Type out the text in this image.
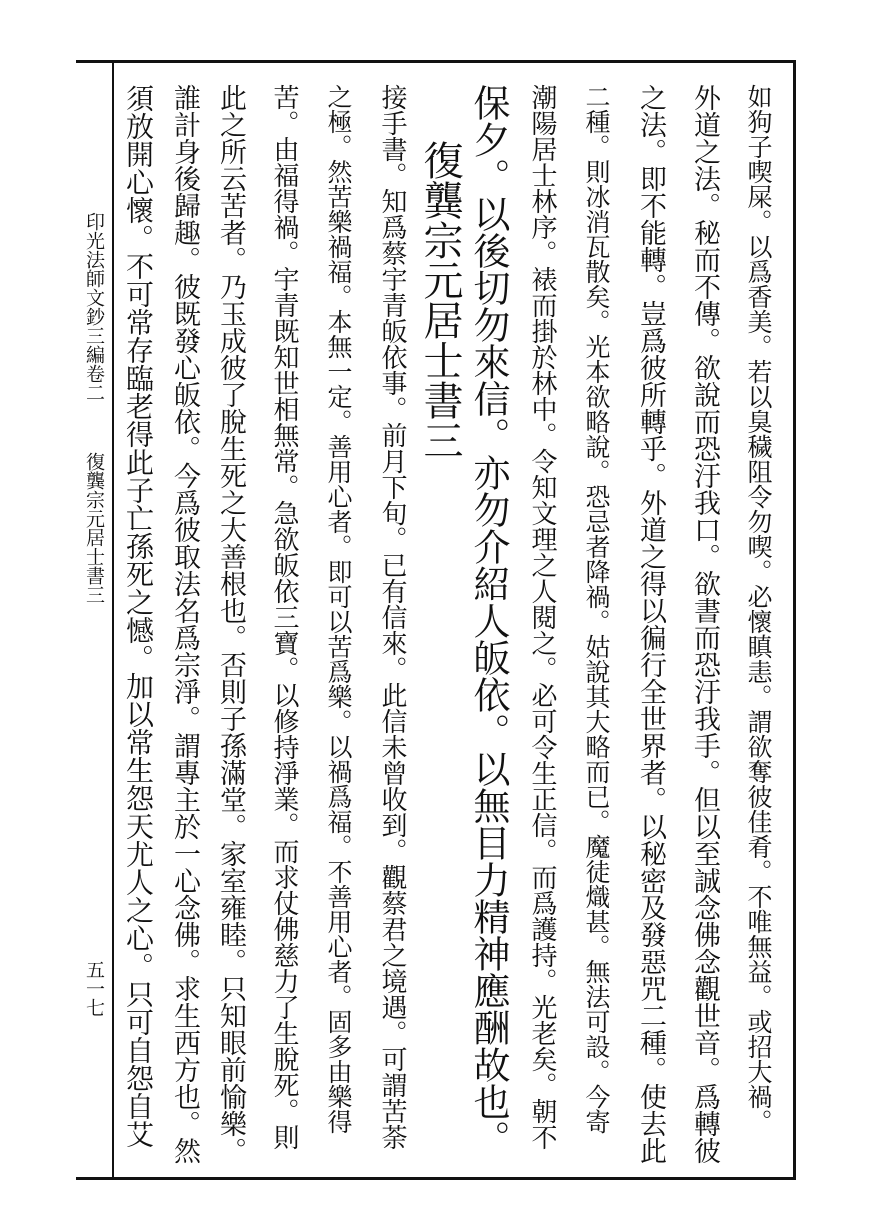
印光法師文鈔三編卷二
復龔宗元居士書三
五一七	如狗子喫屎。以爲香美。若以臭穢阻令勿喫。必懷瞋恚。謂欲奪彼佳肴。不唯無益。或招大禍。
外道之法。秘而不傳。欲說而恐汙我口。欲書而恐汙我手。但以至誠念佛念觀世音。爲轉彼
之法。即不能轉。豈爲彼所轉乎。外道之得以徧行全世界者。以秘密及發惡咒二種。使去此
二種。則冰消瓦散矣。光本欲略說。恐忌者降禍。姑說其大略而已。魔徒熾甚。無法可設。今寄
潮陽居士林序。裱而掛於林中。令知文理之人閱之。必可令生正信。而爲護持。光老矣。朝不
保夕。以後切勿來信。亦勿介紹人皈依。以無目力精神應酬故也。
復龔宗元居士書三
接手書。知爲蔡宇青皈依事。前月下旬。已有信來。此信未曾收到。觀蔡君之境遇。可謂苦荼
之極。然苦樂禍福。本無一定。善用心者。即可以苦爲樂。以禍爲福。不善用心者。固多由樂得
苦。由福得禍。宇青既知世相無常。急欲皈依三寶。以修持淨業。而求仗佛慈力了生脫死。則
此之所云苦者。乃玉成彼了脫生死之大善根也。否則子孫滿堂。家室雍睦。只知眼前愉樂。
誰計身後歸趣。彼既發心皈依。今爲彼取法名爲宗淨。謂專主於一心念佛。求生西方也。然
須放開心懷。不可常存臨老得此子亡孫死之憾。加以常生怨天尤人之心。只可自怨自艾
